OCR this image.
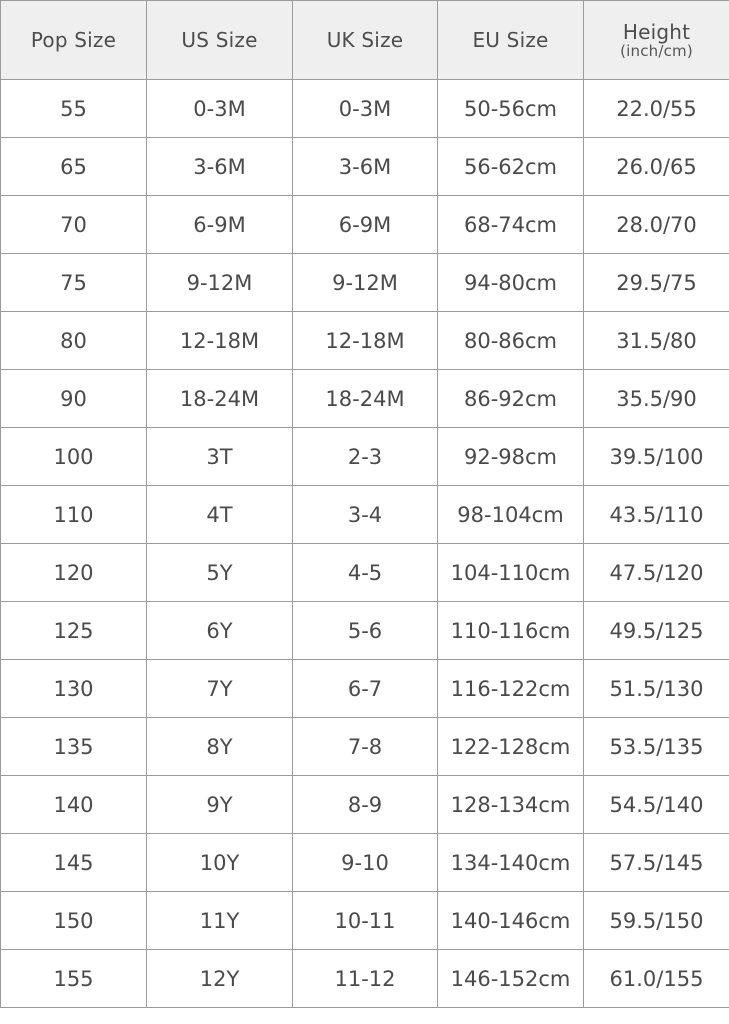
Pop Size	US Size	UK Size	EU Size	Height
(inch/cm)

55	0-3M	0-3M	50-56cm	22.0/55
65	3-6M	3-6M	56-62cm	26.0/65
70	6-9M	6-9M	68-74cm	28.0/70
75	9-12M	9-12M	94-80cm	29.5/75
80	12-18M	12-18M	80-86cm	31.5/80
90	18-24M	18-24M	86-92cm	35.5/90
100	3T	2-3	92-98cm	39.5/100
110	4T	3-4	98-104cm	43.5/110
120	5Y	4-5	104-110cm	47.5/120
125	6Y	5-6	110-116cm	49.5/125
130	7Y	6-7	116-122cm	51.5/130
135	8Y	7-8	122-128cm	53.5/135
140	9Y	8-9	128-134cm	54.5/140
145	10Y	9-10	134-140cm	57.5/145
150	11Y	10-11	140-146cm	59.5/150
155	12Y	11-12	146-152cm	61.0/155
